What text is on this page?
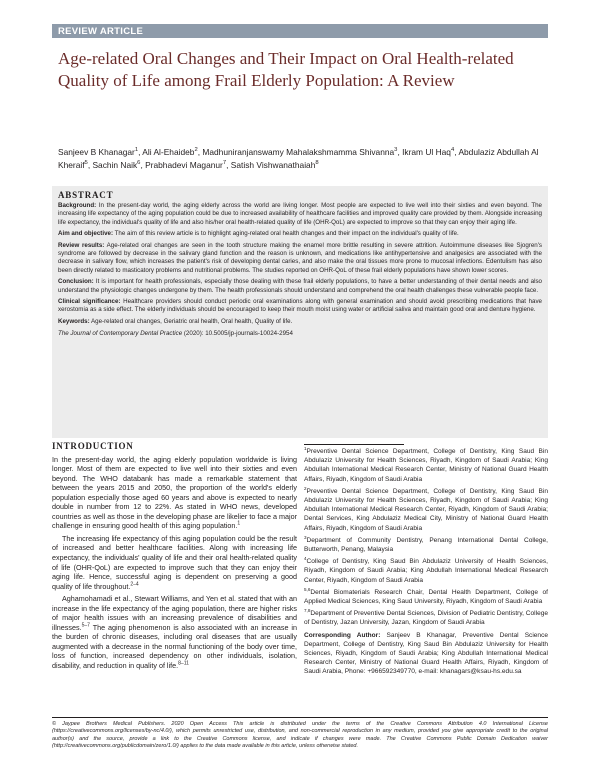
REVIEW ARTICLE
Age-related Oral Changes and Their Impact on Oral Health-related Quality of Life among Frail Elderly Population: A Review
Sanjeev B Khanagar$^1$, Ali Al-Ehaideb$^2$, Madhuniranjanswamy Mahalakshmamma Shivanna$^3$, Ikram Ul Haq$^4$, Abdulaziz Abdullah Al Kheraif$^5$, Sachin Naik$^6$, Prabhadevi Maganur$^7$, Satish Vishwanathaiah$^8$
ABSTRACT

Background: In the present-day world, the aging elderly across the world are living longer. Most people are expected to live well into their sixties and even beyond. The increasing life expectancy of the aging population could be due to increased availability of healthcare facilities and improved quality care provided by them. Alongside increasing life expectancy, the individual's quality of life and also his/her oral health-related quality of life (OHR-QoL) are expected to improve so that they can enjoy their aging life.

Aim and objective: The aim of this review article is to highlight aging-related oral health changes and their impact on the individual's quality of life.

Review results: Age-related oral changes are seen in the tooth structure making the enamel more brittle resulting in severe attrition. Autoimmune diseases like Sjogren's syndrome are followed by decrease in the salivary gland function and the reason is unknown, and medications like antihypertensive and analgesics are associated with the decrease in salivary flow, which increases the patient's risk of developing dental caries, and also make the oral tissues more prone to mucosal infections. Edentulism has also been directly related to masticatory problems and nutritional problems. The studies reported on OHR-QoL of these frail elderly populations have shown lower scores.

Conclusion: It is important for health professionals, especially those dealing with these frail elderly populations, to have a better understanding of their dental needs and also understand the physiologic changes undergone by them. The health professionals should understand and comprehend the oral health challenges these vulnerable people face.

Clinical significance: Healthcare providers should conduct periodic oral examinations along with general examination and should avoid prescribing medications that have xerostomia as a side effect. The elderly individuals should be encouraged to keep their mouth moist using water or artificial saliva and maintain good oral and denture hygiene.

Keywords: Age-related oral changes, Geriatric oral health, Oral health, Quality of life.

The Journal of Contemporary Dental Practice (2020): 10.5005/jp-journals-10024-2954

INTRODUCTION

In the present-day world, the aging elderly population worldwide is living longer. Most of them are expected to live well into their sixties and even beyond. The WHO databank has made a remarkable statement that between the years 2015 and 2050, the proportion of the world's elderly population especially those aged 60 years and above is expected to nearly double in number from 12 to 22%. As stated in WHO news, developed countries as well as those in the developing phase are likelier to face a major challenge in ensuring good health of this aging population.$^1$

The increasing life expectancy of this aging population could be the result of increased and better healthcare facilities. Along with increasing life expectancy, the individuals' quality of life and their oral health-related quality of life (OHR-QoL) are expected to improve such that they can enjoy their aging life. Hence, successful aging is dependent on preserving a good quality of life throughout.$^{2-4}$

Aghamohamadi et al., Stewart Williams, and Yen et al. stated that with an increase in the life expectancy of the aging population, there are higher risks of major health issues with an increasing prevalence of disabilities and illnesses.$^{5-7}$ The aging phenomenon is also associated with an increase in the burden of chronic diseases, including oral diseases that are usually augmented with a decrease in the normal functioning of the body over time, loss of function, increased dependency on other individuals, isolation, disability, and reduction in quality of life.$^{8-11}$

$^1$Preventive Dental Science Department, College of Dentistry, King Saud Bin Abdulaziz University for Health Sciences, Riyadh, Kingdom of Saudi Arabia; King Abdullah International Medical Research Center, Ministry of National Guard Health Affairs, Riyadh, Kingdom of Saudi Arabia

$^2$Preventive Dental Science Department, College of Dentistry, King Saud Bin Abdulaziz University for Health Sciences, Riyadh, Kingdom of Saudi Arabia; King Abdullah International Medical Research Center, Riyadh, Kingdom of Saudi Arabia; Dental Services, King Abdulaziz Medical City, Ministry of National Guard Health Affairs, Riyadh, Kingdom of Saudi Arabia

$^3$Department of Community Dentistry, Penang International Dental College, Butterworth, Penang, Malaysia

$^4$College of Dentistry, King Saud Bin Abdulaziz University of Health Sciences, Riyadh, Kingdom of Saudi Arabia; King Abdullah International Medical Research Center, Riyadh, Kingdom of Saudi Arabia

$^{5,6}$Dental Biomaterials Research Chair, Dental Health Department, College of Applied Medical Sciences, King Saud University, Riyadh, Kingdom of Saudi Arabia

$^{7,8}$Department of Preventive Dental Sciences, Division of Pediatric Dentistry, College of Dentistry, Jazan University, Jazan, Kingdom of Saudi Arabia

Corresponding Author: Sanjeev B Khanagar, Preventive Dental Science Department, College of Dentistry, King Saud Bin Abdulaziz University for Health Sciences, Riyadh, Kingdom of Saudi Arabia; King Abdullah International Medical Research Center, Ministry of National Guard Health Affairs, Riyadh, Kingdom of Saudi Arabia, Phone: +966592349770, e-mail: khanagars@ksau-hs.edu.sa

© Jaypee Brothers Medical Publishers. 2020 Open Access This article is distributed under the terms of the Creative Commons Attribution 4.0 International License (https://creativecommons.org/licenses/by-nc/4.0/), which permits unrestricted use, distribution, and non-commercial reproduction in any medium, provided you give appropriate credit to the original author(s) and the source, provide a link to the Creative Commons license, and indicate if changes were made. The Creative Commons Public Domain Dedication waiver (http://creativecommons.org/publicdomain/zero/1.0/) applies to the data made available in this article, unless otherwise stated.
